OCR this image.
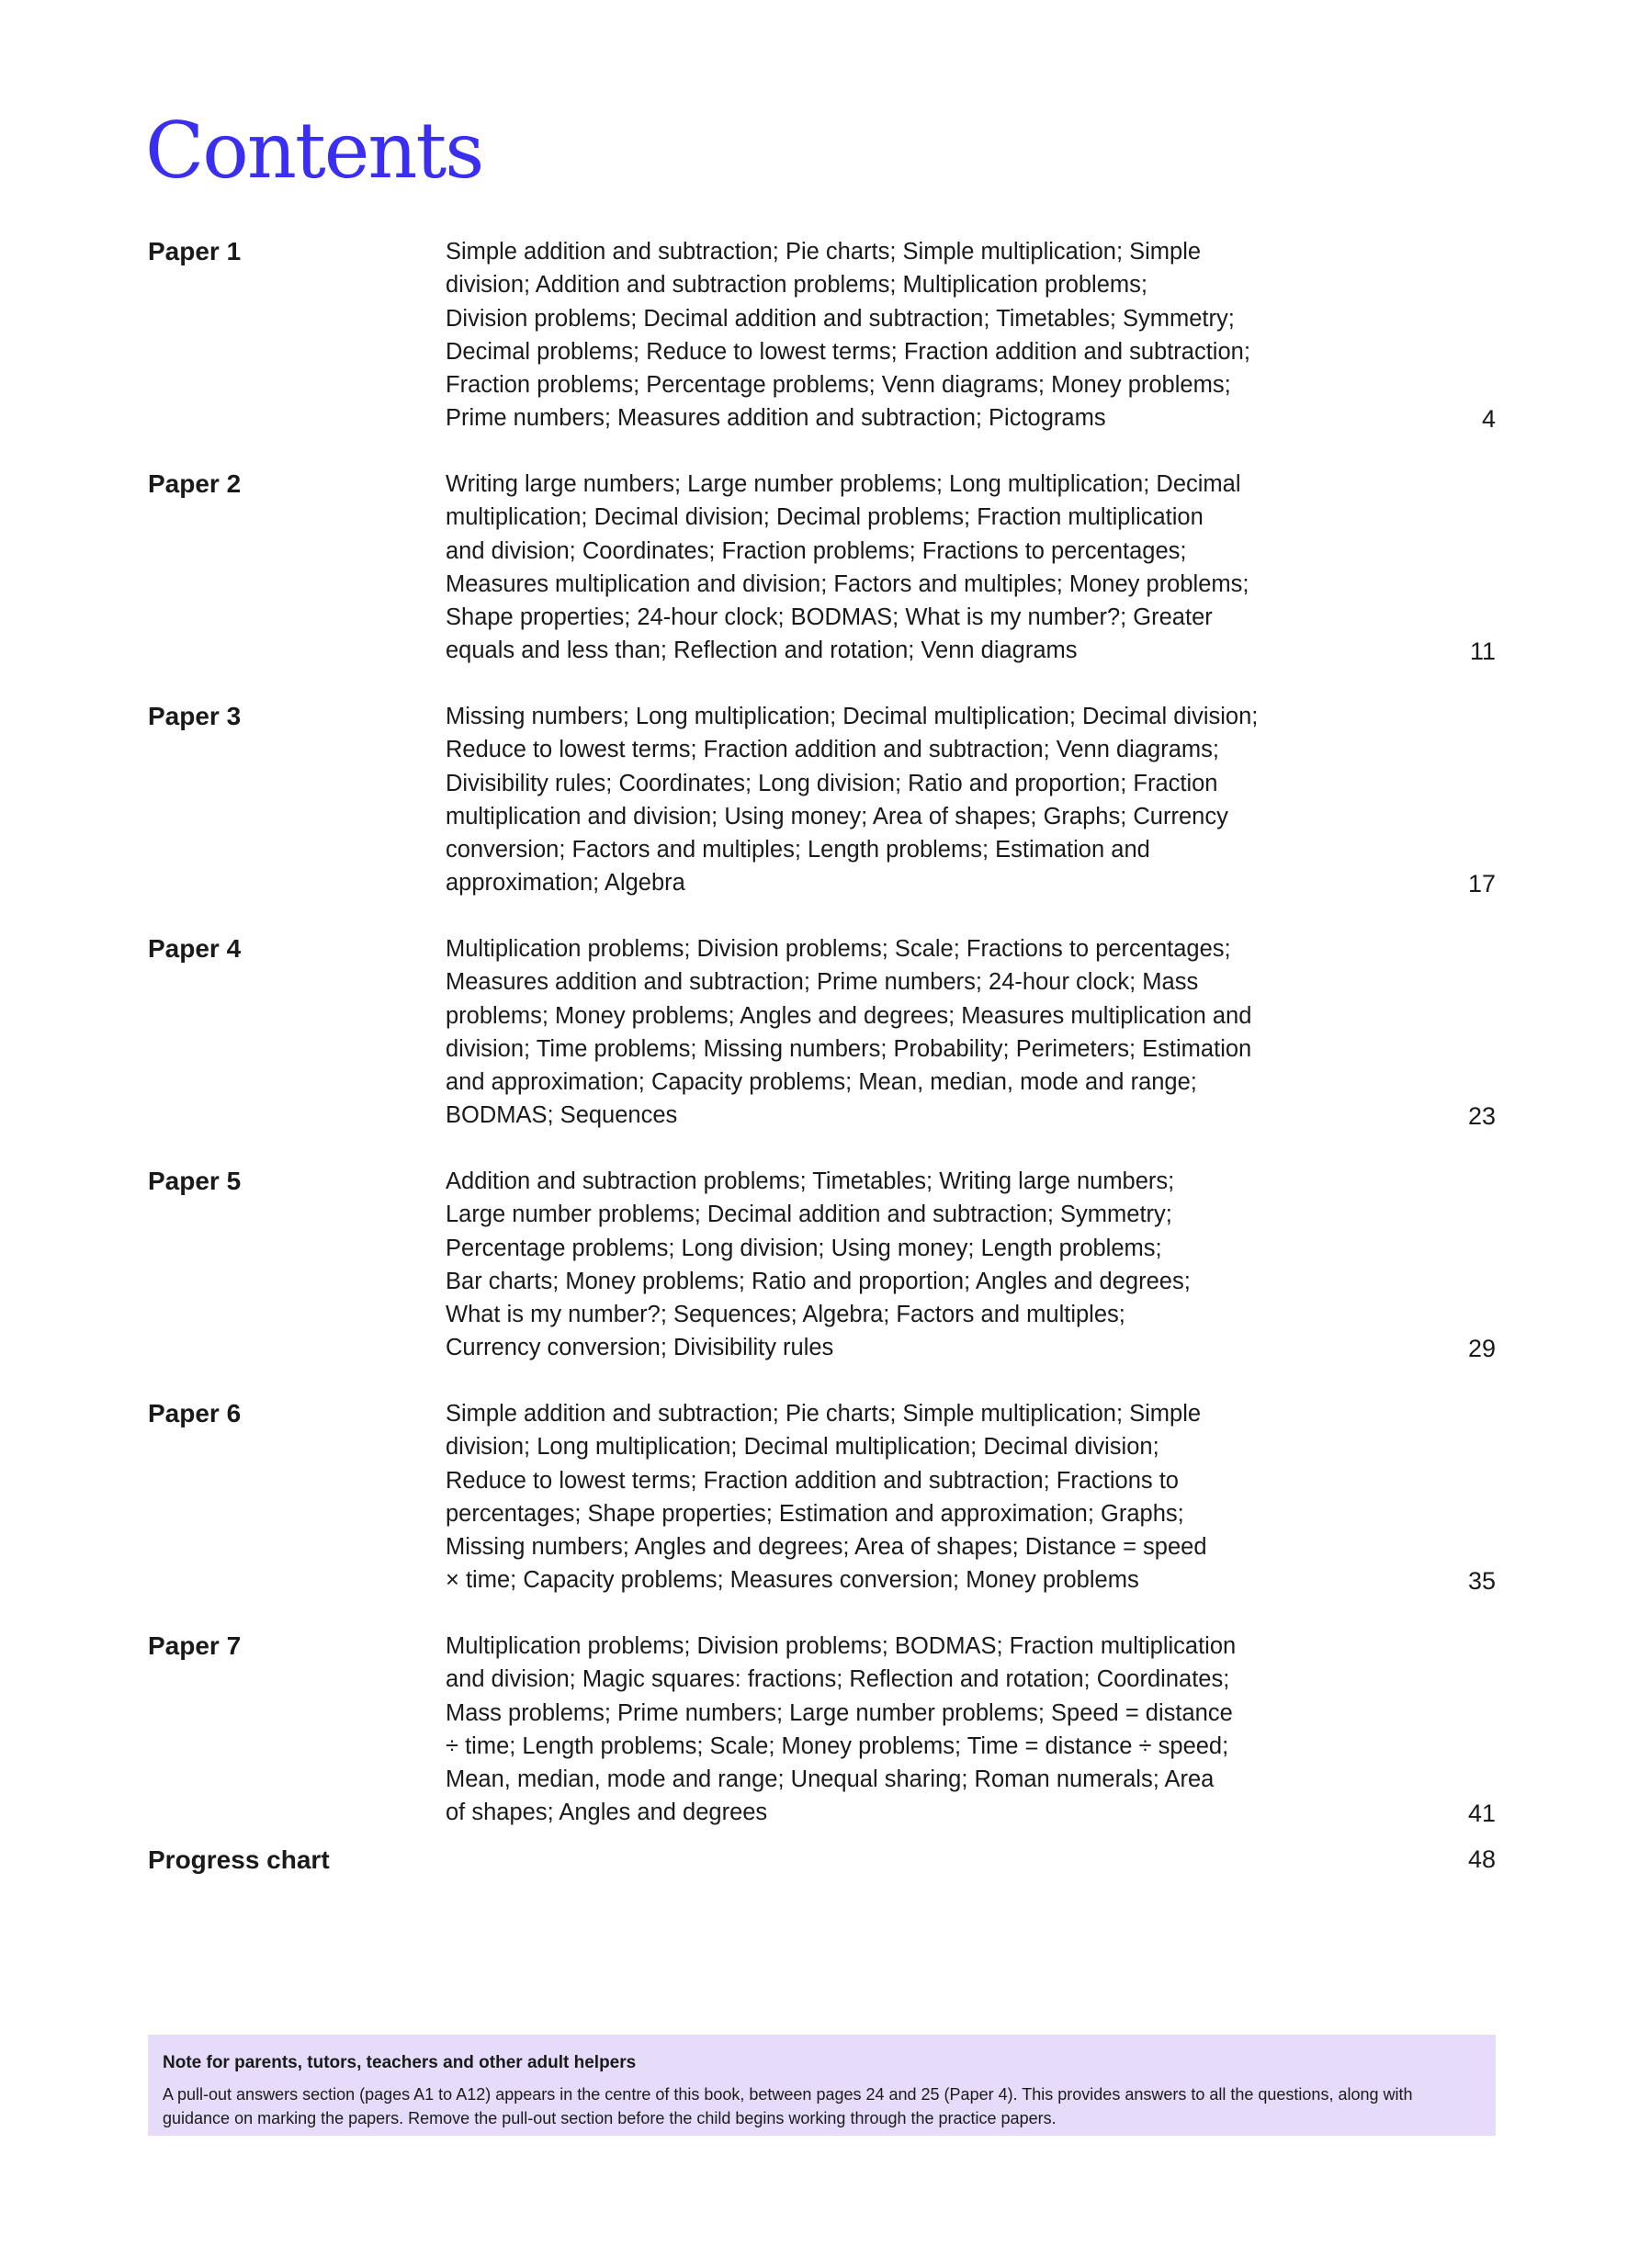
Contents
Paper 1	Simple addition and subtraction; Pie charts; Simple multiplication; Simple
division; Addition and subtraction problems; Multiplication problems;
Division problems; Decimal addition and subtraction; Timetables; Symmetry;
Decimal problems; Reduce to lowest terms; Fraction addition and subtraction;
Fraction problems; Percentage problems; Venn diagrams; Money problems;
Prime numbers; Measures addition and subtraction; Pictograms	4
Paper 2	Writing large numbers; Large number problems; Long multiplication; Decimal
multiplication; Decimal division; Decimal problems; Fraction multiplication
and division; Coordinates; Fraction problems; Fractions to percentages;
Measures multiplication and division; Factors and multiples; Money problems;
Shape properties; 24-hour clock; BODMAS; What is my number?; Greater
equals and less than; Reflection and rotation; Venn diagrams	11
Paper 3	Missing numbers; Long multiplication; Decimal multiplication; Decimal division;
Reduce to lowest terms; Fraction addition and subtraction; Venn diagrams;
Divisibility rules; Coordinates; Long division; Ratio and proportion; Fraction
multiplication and division; Using money; Area of shapes; Graphs; Currency
conversion; Factors and multiples; Length problems; Estimation and
approximation; Algebra	17
Paper 4	Multiplication problems; Division problems; Scale; Fractions to percentages;
Measures addition and subtraction; Prime numbers; 24-hour clock; Mass
problems; Money problems; Angles and degrees; Measures multiplication and
division; Time problems; Missing numbers; Probability; Perimeters; Estimation
and approximation; Capacity problems; Mean, median, mode and range;
BODMAS; Sequences	23
Paper 5	Addition and subtraction problems; Timetables; Writing large numbers;
Large number problems; Decimal addition and subtraction; Symmetry;
Percentage problems; Long division; Using money; Length problems;
Bar charts; Money problems; Ratio and proportion; Angles and degrees;
What is my number?; Sequences; Algebra; Factors and multiples;
Currency conversion; Divisibility rules	29
Paper 6	Simple addition and subtraction; Pie charts; Simple multiplication; Simple
division; Long multiplication; Decimal multiplication; Decimal division;
Reduce to lowest terms; Fraction addition and subtraction; Fractions to
percentages; Shape properties; Estimation and approximation; Graphs;
Missing numbers; Angles and degrees; Area of shapes; Distance = speed
× time; Capacity problems; Measures conversion; Money problems	35
Paper 7	Multiplication problems; Division problems; BODMAS; Fraction multiplication
and division; Magic squares: fractions; Reflection and rotation; Coordinates;
Mass problems; Prime numbers; Large number problems; Speed = distance
÷ time; Length problems; Scale; Money problems; Time = distance ÷ speed;
Mean, median, mode and range; Unequal sharing; Roman numerals; Area
of shapes; Angles and degrees	41
Progress chart	48
Note for parents, tutors, teachers and other adult helpers
A pull-out answers section (pages A1 to A12) appears in the centre of this book, between pages 24 and 25 (Paper 4). This provides answers to all the questions, along with guidance on marking the papers. Remove the pull-out section before the child begins working through the practice papers.
